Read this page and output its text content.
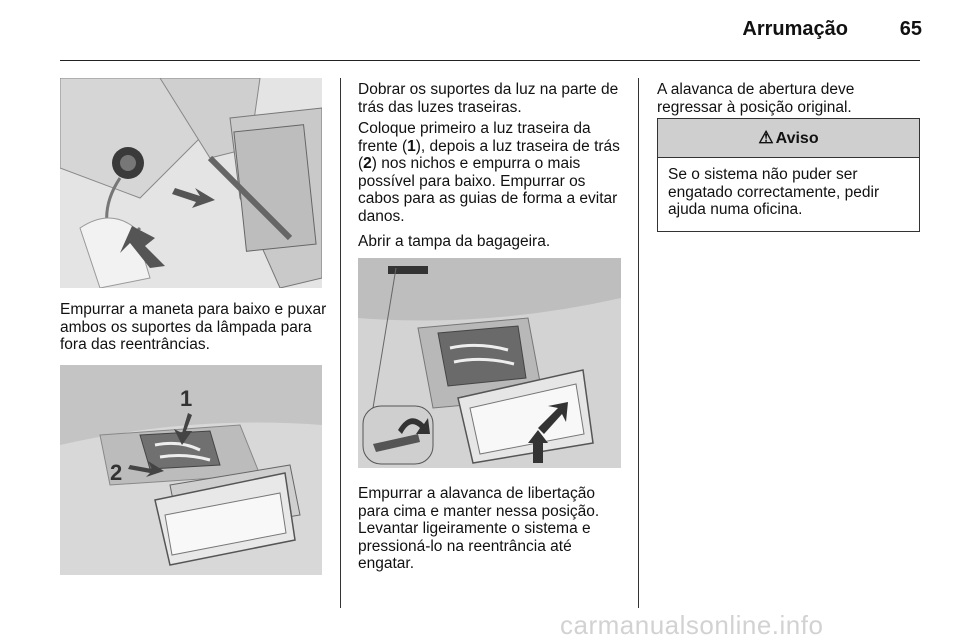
Arrumação	65

Empurrar a maneta para baixo e puxar ambos os suportes da lâmpada para fora das reentrâncias.

1
2

Dobrar os suportes da luz na parte de trás das luzes traseiras.

Coloque primeiro a luz traseira da frente (1), depois a luz traseira de trás (2) nos nichos e empurra o mais possível para baixo. Empurrar os cabos para as guias de forma a evitar danos.

Abrir a tampa da bagageira.

Empurrar a alavanca de libertação para cima e manter nessa posição. Levantar ligeiramente o sistema e pressioná-lo na reentrância até engatar.

A alavanca de abertura deve regressar à posição original.

⚠ Aviso
Se o sistema não puder ser engatado correctamente, pedir ajuda numa oficina.
carmanualsonline.info
